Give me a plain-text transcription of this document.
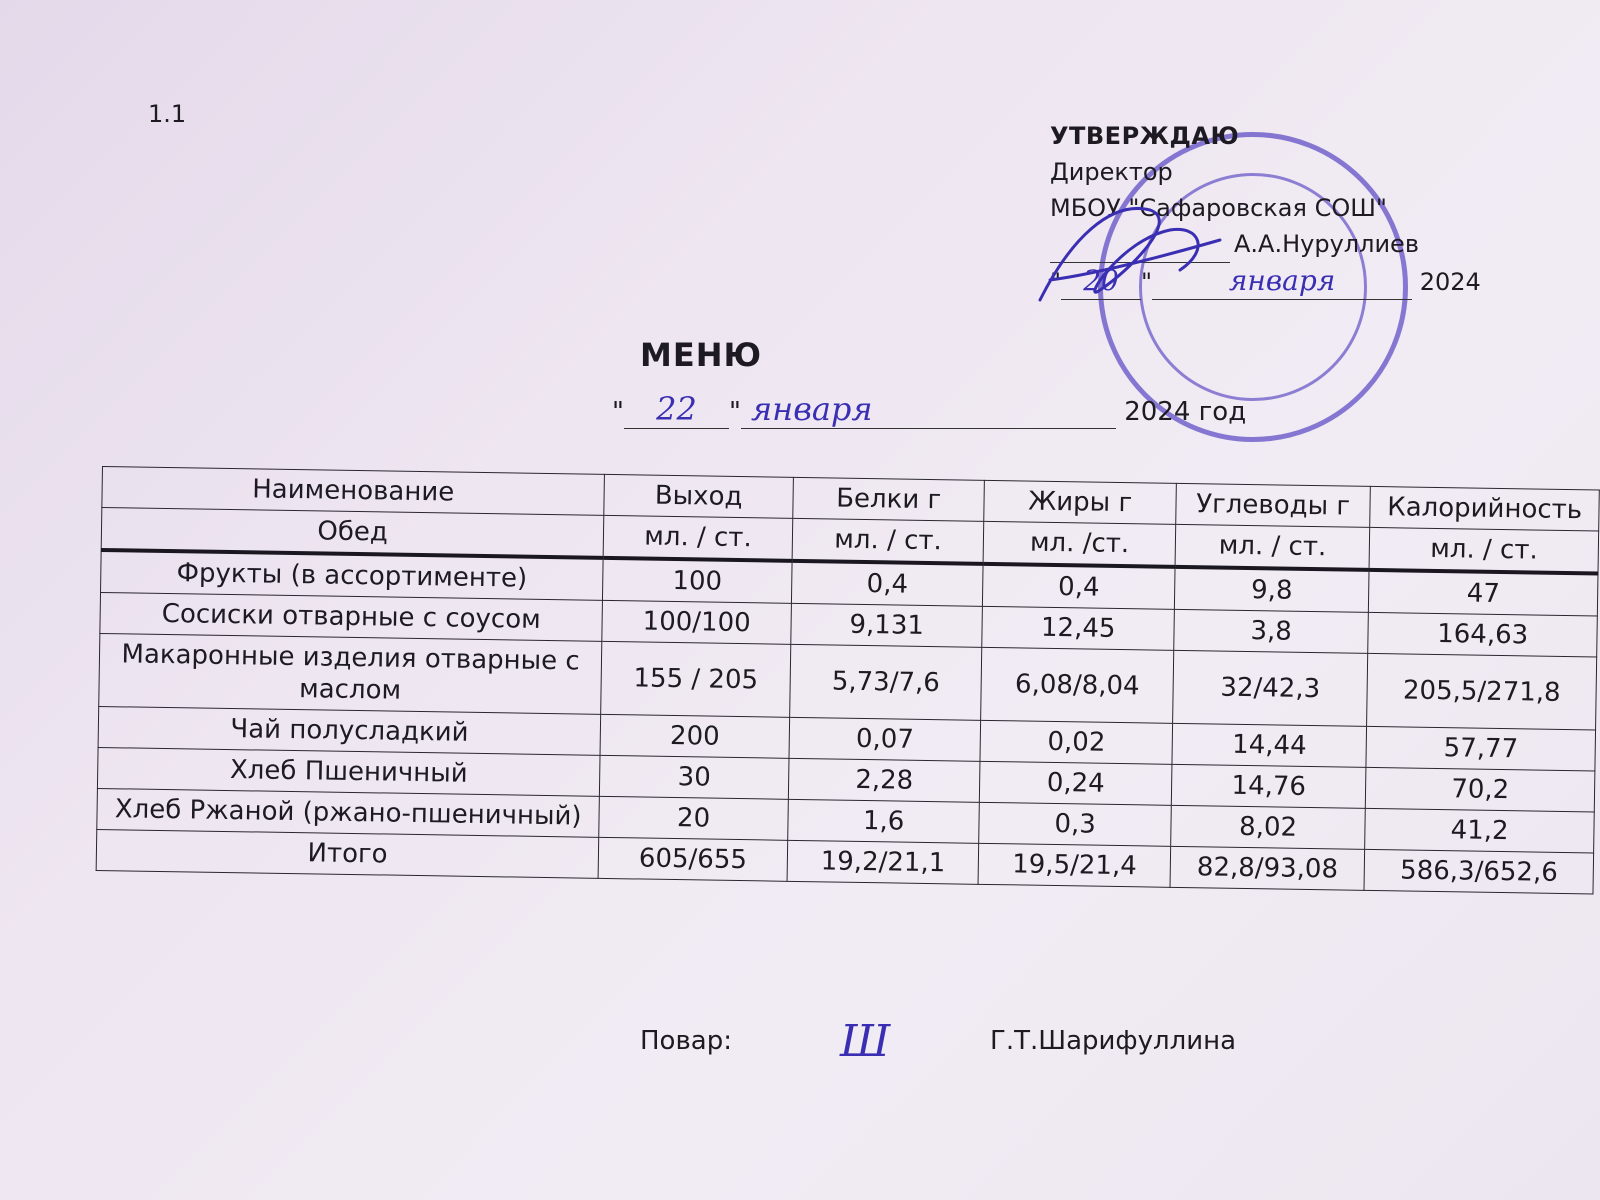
1.1
УТВЕРЖДАЮ
Директор
МБОУ "Сафаровская СОШ"
А.А.Нуруллиев
" 20 "	января	2024
МЕНЮ
" 22 " января	2024 год
Наименование	Выход	Белки г	Жиры г	Углеводы г	Калорийность
Обед	мл. / ст.	мл. / ст.	мл. /ст.	мл. / ст.	мл. / ст.
Фрукты (в ассортименте)	100	0,4	0,4	9,8	47
Сосиски отварные с соусом	100/100	9,131	12,45	3,8	164,63
Макаронные изделия отварные с маслом	155 / 205	5,73/7,6	6,08/8,04	32/42,3	205,5/271,8
Чай полусладкий	200	0,07	0,02	14,44	57,77
Хлеб Пшеничный	30	2,28	0,24	14,76	70,2
Хлеб Ржаной (ржано-пшеничный)	20	1,6	0,3	8,02	41,2
Итого	605/655	19,2/21,1	19,5/21,4	82,8/93,08	586,3/652,6
Повар: Ш	Г.Т.Шарифуллина
